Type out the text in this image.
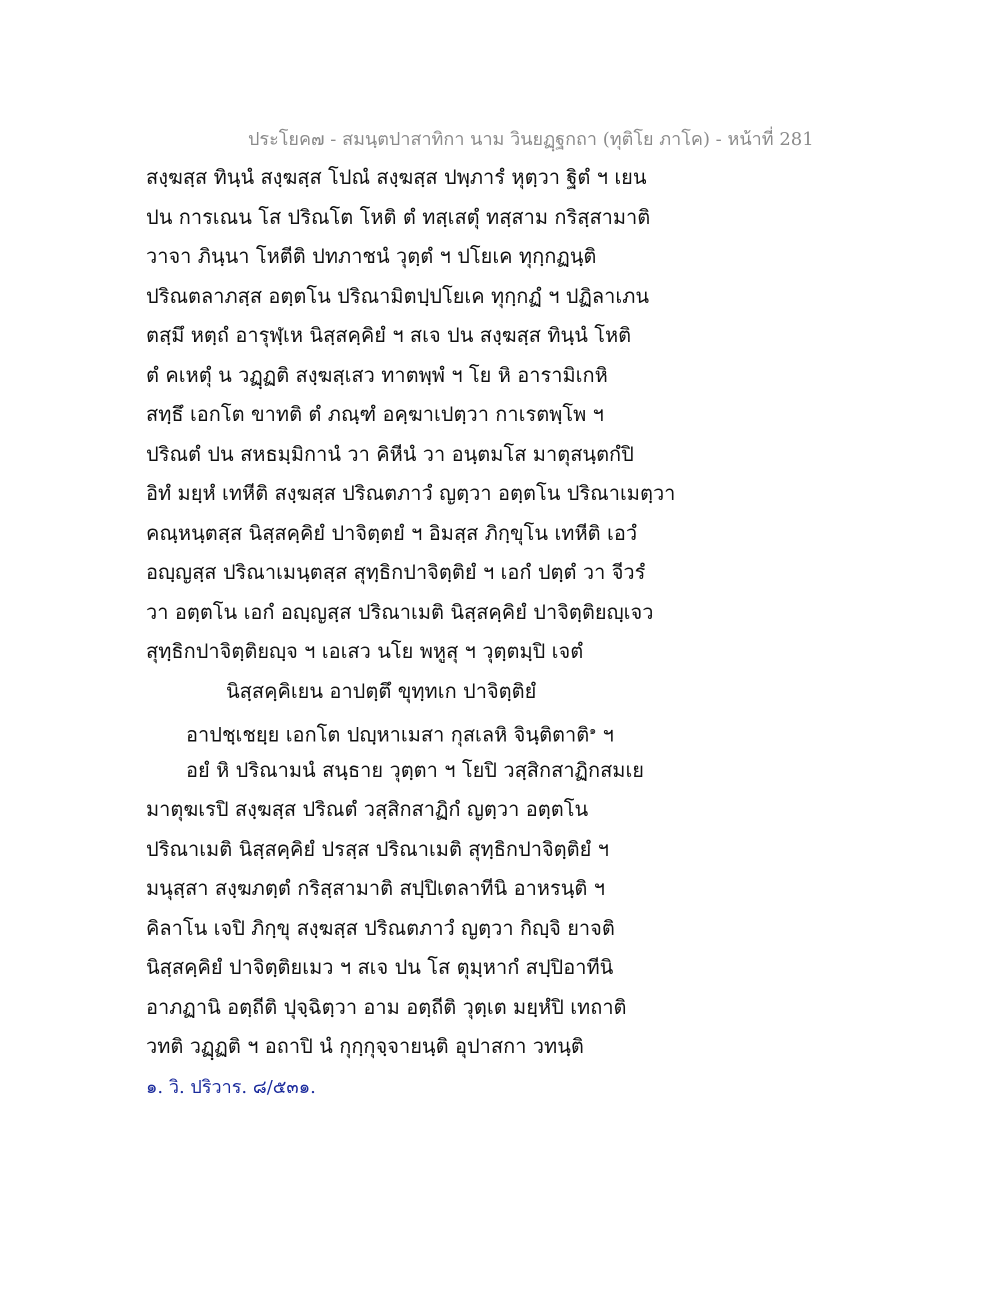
ประโยค๗ - สมนฺตปาสาทิกา นาม วินยฏฺฐกถา (ทุติโย ภาโค) - หน้าที่ 281
สงฺฆสฺส ทินฺนํ สงฺฆสฺส โปณํ สงฺฆสฺส ปพฺภารํ หุตฺวา ฐิตํ ฯ เยน
ปน การเณน โส ปริณโต โหติ ตํ ทสฺเสตุํ ทสฺสาม กริสฺสามาติ
วาจา ภินฺนา โหตีติ ปทภาชนํ วุตฺตํ ฯ ปโยเค ทุกฺกฏนฺติ
ปริณตลาภสฺส อตฺตโน ปริณามิตปฺปโยเค ทุกฺกฏํ ฯ ปฏิลาเภน
ตสฺมึ หตฺถํ อารุฬฺเห นิสฺสคฺคิยํ ฯ สเจ ปน สงฺฆสฺส ทินฺนํ โหติ
ตํ คเหตุํ น วฏฺฏติ สงฺฆสฺเสว ทาตพฺพํ ฯ โย หิ อารามิเกหิ
สทฺธึ เอกโต ขาทติ ตํ ภณฺฑํ อคฺฆาเปตฺวา กาเรตพฺโพ ฯ
ปริณตํ ปน สหธมฺมิกานํ วา คิหีนํ วา อนฺตมโส มาตุสนฺตกํปิ
อิทํ มยฺหํ เทหีติ สงฺฆสฺส ปริณตภาวํ ญตฺวา อตฺตโน ปริณาเมตฺวา
คณฺหนฺตสฺส นิสฺสคฺคิยํ ปาจิตฺตยํ ฯ อิมสฺส ภิกฺขุโน เทหีติ เอวํ
อญฺญสฺส ปริณาเมนฺตสฺส สุทฺธิกปาจิตฺติยํ ฯ เอกํ ปตฺตํ วา จีวรํ
วา อตฺตโน เอกํ อญฺญสฺส ปริณาเมติ นิสฺสคฺคิยํ ปาจิตฺติยญฺเจว
สุทฺธิกปาจิตฺติยญฺจ ฯ เอเสว นโย พหูสุ ฯ วุตฺตมฺปิ เจตํ
นิสฺสคฺคิเยน อาปตฺตึ ขุทฺทเก ปาจิตฺติยํ
อาปชฺเชยฺย เอกโต ปญฺหาเมสา กุสเลหิ จินฺติตาติ$^๑$ ฯ
อยํ หิ ปริณามนํ สนฺธาย วุตฺตา ฯ โยปิ วสฺสิกสาฏิกสมเย
มาตุฆเรปิ สงฺฆสฺส ปริณตํ วสฺสิกสาฏิกํ ญตฺวา อตฺตโน
ปริณาเมติ นิสฺสคฺคิยํ ปรสฺส ปริณาเมติ สุทฺธิกปาจิตฺติยํ ฯ
มนุสฺสา สงฺฆภตฺตํ กริสฺสามาติ สปฺปิเตลาทีนิ อาหรนฺติ ฯ
คิลาโน เจปิ ภิกฺขุ สงฺฆสฺส ปริณตภาวํ ญตฺวา กิญฺจิ ยาจติ
นิสฺสคฺคิยํ ปาจิตฺติยเมว ฯ สเจ ปน โส ตุมฺหากํ สปฺปิอาทีนิ
อาภฏานิ อตฺถีติ ปุจฺฉิตฺวา อาม อตฺถีติ วุตฺเต มยฺหํปิ เทถาติ
วทติ วฏฺฏติ ฯ อถาปิ นํ กุกฺกุจฺจายนฺติ อุปาสกา วทนฺติ
๑. วิ. ปริวาร. ๘/๕๓๑.
